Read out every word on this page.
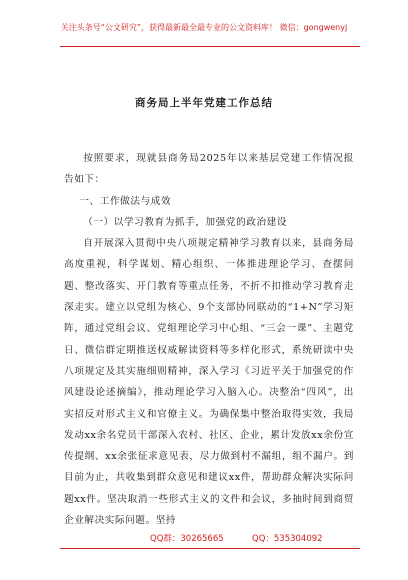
关注头条号“公文研究”，获得最新最全最专业的公文资料库！ 微信：gongwenyj
商务局上半年党建工作总结

按照要求，现就县商务局2025年以来基层党建工作情况报告如下：

一、工作做法与成效

（一）以学习教育为抓手，加强党的政治建设

自开展深入贯彻中央八项规定精神学习教育以来，县商务局高度重视，科学谋划、精心组织、一体推进理论学习、查摆问题、整改落实、开门教育等重点任务，不折不扣推动学习教育走深走实。建立以党组为核心、9个支部协同联动的“1+N”学习矩阵，通过党组会议、党组理论学习中心组、“三会一课”、主题党日、微信群定期推送权威解读资料等多样化形式，系统研读中央八项规定及其实施细则精神，深入学习《习近平关于加强党的作风建设论述摘编》，推动理论学习入脑入心。决整治“四风”，出实招反对形式主义和官僚主义。为确保集中整治取得实效，我局发动xx余名党员干部深入农村、社区、企业，累计发放xx余份宣传提纲、xx余张征求意见表，尽力做到村不漏组，组不漏户。到目前为止，共收集到群众意见和建议xx件，帮助群众解决实际问题xx件。坚决取消一些形式主义的文件和会议，多抽时间到商贸企业解决实际问题。坚持

QQ群：30265665	QQ：535304092
